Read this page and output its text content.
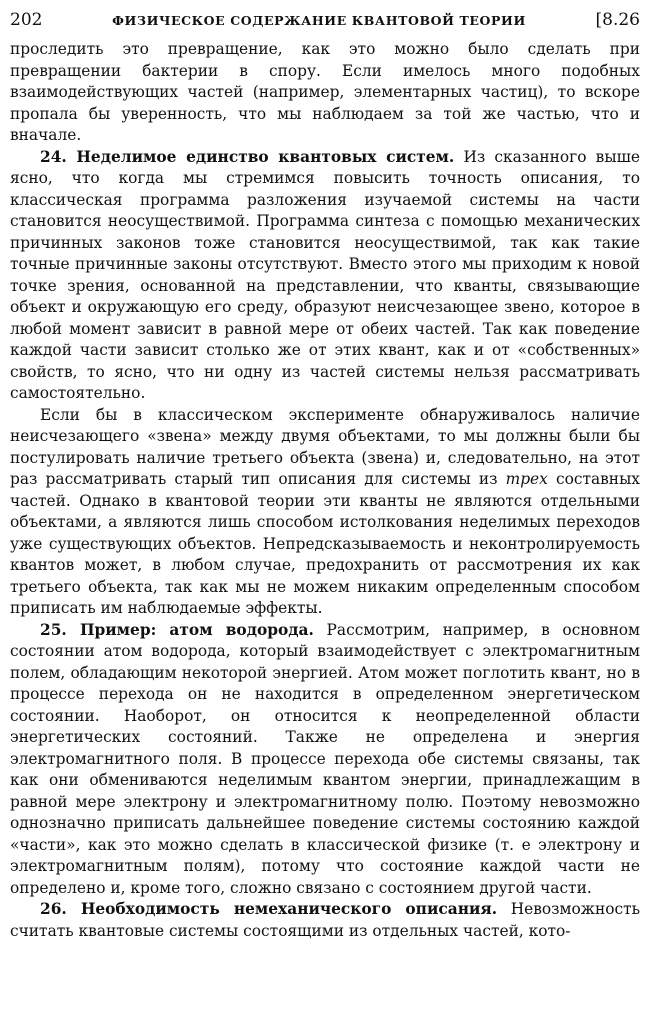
202	ФИЗИЧЕСКОЕ СОДЕРЖАНИЕ КВАНТОВОЙ ТЕОРИИ	[8.26

проследить это превращение, как это можно было сделать при превращении бактерии в спору. Если имелось много подобных взаимодействующих частей (например, элементарных частиц), то вскоре пропала бы уверенность, что мы наблюдаем за той же частью, что и вначале.

24. Неделимое единство квантовых систем. Из сказанного выше ясно, что когда мы стремимся повысить точность описания, то классическая программа разложения изучаемой системы на части становится неосуществимой. Программа синтеза с помощью механических причинных законов тоже становится неосуществимой, так как такие точные причинные законы отсутствуют. Вместо этого мы приходим к новой точке зрения, основанной на представлении, что кванты, связывающие объект и окружающую его среду, образуют неисчезающее звено, которое в любой момент зависит в равной мере от обеих частей. Так как поведение каждой части зависит столько же от этих квант, как и от «собственных» свойств, то ясно, что ни одну из частей системы нельзя рассматривать самостоятельно.

Если бы в классическом эксперименте обнаруживалось наличие неисчезающего «звена» между двумя объектами, то мы должны были бы постулировать наличие третьего объекта (звена) и, следовательно, на этот раз рассматривать старый тип описания для системы из трех составных частей. Однако в квантовой теории эти кванты не являются отдельными объектами, а являются лишь способом истолкования неделимых переходов уже существующих объектов. Непредсказываемость и неконтролируемость квантов может, в любом случае, предохранить от рассмотрения их как третьего объекта, так как мы не можем никаким определенным способом приписать им наблюдаемые эффекты.

25. Пример: атом водорода. Рассмотрим, например, в основном состоянии атом водорода, который взаимодействует с электромагнитным полем, обладающим некоторой энергией. Атом может поглотить квант, но в процессе перехода он не находится в определенном энергетическом состоянии. Наоборот, он относится к неопределенной области энергетических состояний. Также не определена и энергия электромагнитного поля. В процессе перехода обе системы связаны, так как они обмениваются неделимым квантом энергии, принадлежащим в равной мере электрону и электромагнитному полю. Поэтому невозможно однозначно приписать дальнейшее поведение системы состоянию каждой «части», как это можно сделать в классической физике (т. е электрону и электромагнитным полям), потому что состояние каждой части не определено и, кроме того, сложно связано с состоянием другой части.

26. Необходимость немеханического описания. Невозможность считать квантовые системы состоящими из отдельных частей, кото-
